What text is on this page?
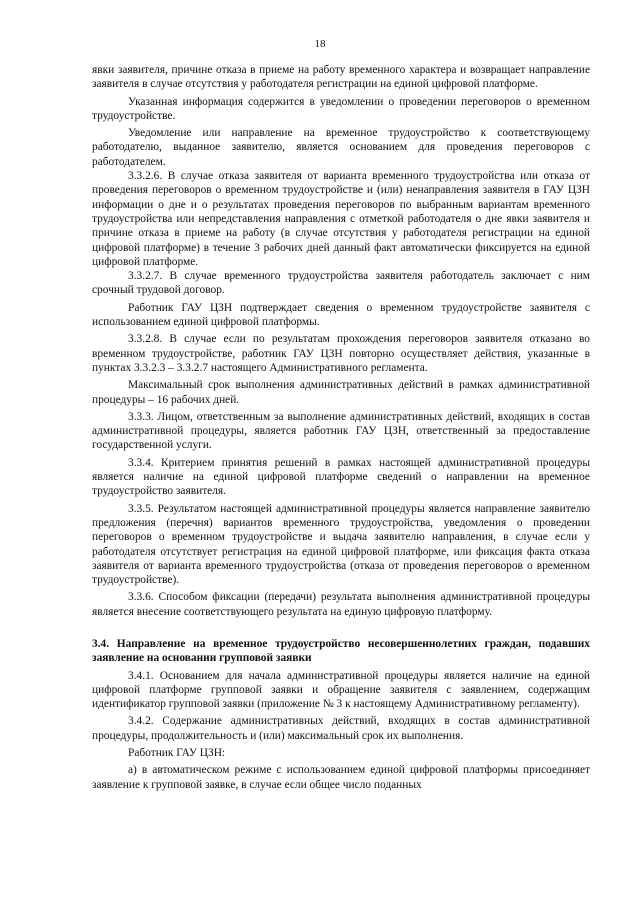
18

явки заявителя, причине отказа в приеме на работу временного характера и возвращает направление заявителя в случае отсутствия у работодателя регистрации на единой цифровой платформе.

Указанная информация содержится в уведомлении о проведении переговоров о временном трудоустройстве.

Уведомление или направление на временное трудоустройство к соответствующему работодателю, выданное заявителю, является основанием для проведения переговоров с работодателем.

3.3.2.6. В случае отказа заявителя от варианта временного трудоустройства или отказа от проведения переговоров о временном трудоустройстве и (или) ненаправления заявителя в ГАУ ЦЗН информации о дне и о результатах проведения переговоров по выбранным вариантам временного трудоустройства или непредставления направления с отметкой работодателя о дне явки заявителя и причине отказа в приеме на работу (в случае отсутствия у работодателя регистрации на единой цифровой платформе) в течение 3 рабочих дней данный факт автоматически фиксируется на единой цифровой платформе.

3.3.2.7. В случае временного трудоустройства заявителя работодатель заключает с ним срочный трудовой договор.

Работник ГАУ ЦЗН подтверждает сведения о временном трудоустройстве заявителя с использованием единой цифровой платформы.

3.3.2.8. В случае если по результатам прохождения переговоров заявителя отказано во временном трудоустройстве, работник ГАУ ЦЗН повторно осуществляет действия, указанные в пунктах 3.3.2.3 – 3.3.2.7 настоящего Административного регламента.

Максимальный срок выполнения административных действий в рамках административной процедуры – 16 рабочих дней.

3.3.3. Лицом, ответственным за выполнение административных действий, входящих в состав административной процедуры, является работник ГАУ ЦЗН, ответственный за предоставление государственной услуги.

3.3.4. Критерием принятия решений в рамках настоящей административной процедуры является наличие на единой цифровой платформе сведений о направлении на временное трудоустройство заявителя.

3.3.5. Результатом настоящей административной процедуры является направление заявителю предложения (перечня) вариантов временного трудоустройства, уведомления о проведении переговоров о временном трудоустройстве и выдача заявителю направления, в случае если у работодателя отсутствует регистрация на единой цифровой платформе, или фиксация факта отказа заявителя от варианта временного трудоустройства (отказа от проведения переговоров о временном трудоустройстве).

3.3.6. Способом фиксации (передачи) результата выполнения административной процедуры является внесение соответствующего результата на единую цифровую платформу.

3.4. Направление на временное трудоустройство несовершеннолетних граждан, подавших заявление на основании групповой заявки

3.4.1. Основанием для начала административной процедуры является наличие на единой цифровой платформе групповой заявки и обращение заявителя с заявлением, содержащим идентификатор групповой заявки (приложение № 3 к настоящему Административному регламенту).

3.4.2. Содержание административных действий, входящих в состав административной процедуры, продолжительность и (или) максимальный срок их выполнения.

Работник ГАУ ЦЗН:

а) в автоматическом режиме с использованием единой цифровой платформы присоединяет заявление к групповой заявке, в случае если общее число поданных
